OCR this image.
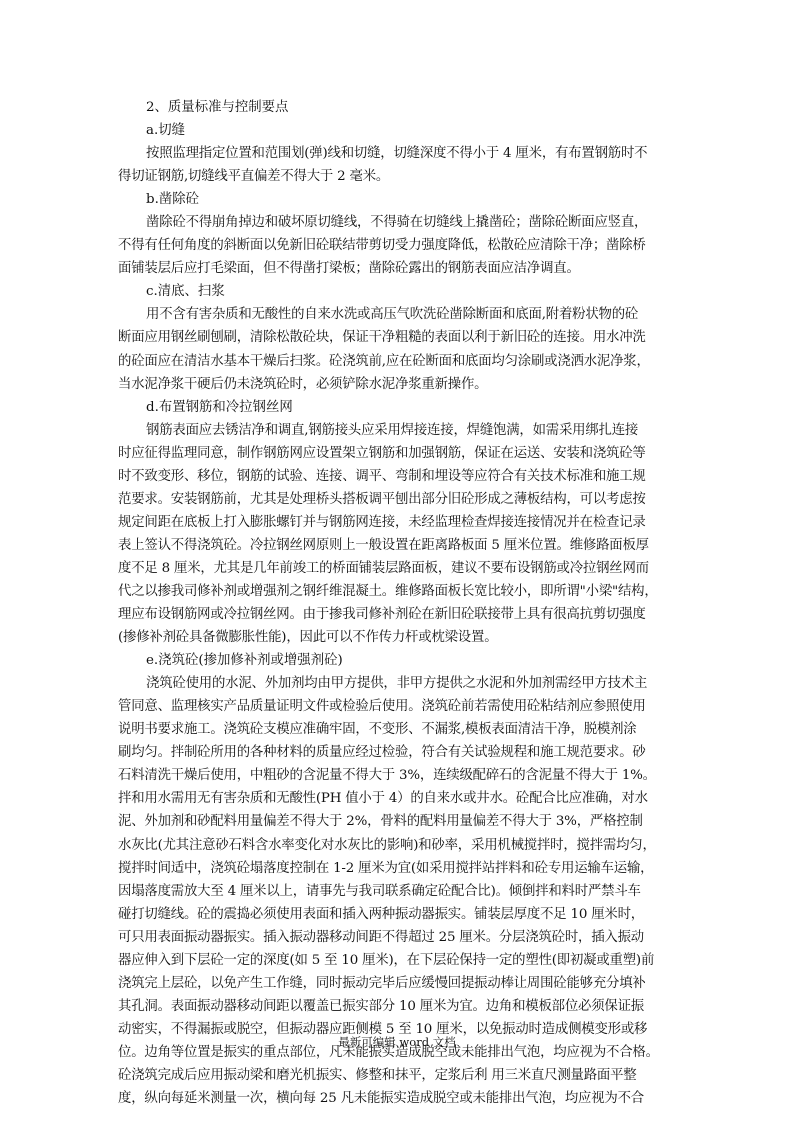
2、质量标准与控制要点
a.切缝
按照监理指定位置和范围划(弹)线和切缝，切缝深度不得小于 4 厘米，有布置钢筋时不
得切证钢筋,切缝线平直偏差不得大于 2 毫米。
b.凿除砼
凿除砼不得崩角掉边和破坏原切缝线，不得骑在切缝线上撬凿砼；凿除砼断面应竖直，
不得有任何角度的斜断面以免新旧砼联结带剪切受力强度降低，松散砼应清除干净；凿除桥
面铺装层后应打毛梁面，但不得凿打梁板；凿除砼露出的钢筋表面应洁净调直。
c.清底、扫浆
用不含有害杂质和无酸性的自来水洗或高压气吹洗砼凿除断面和底面,附着粉状物的砼
断面应用钢丝刷刨刷，清除松散砼块，保证干净粗糙的表面以利于新旧砼的连接。用水冲洗
的砼面应在清洁水基本干燥后扫浆。砼浇筑前,应在砼断面和底面均匀涂刷或浇洒水泥净浆，
当水泥净浆干硬后仍未浇筑砼时，必须铲除水泥净浆重新操作。
d.布置钢筋和冷拉钢丝网
钢筋表面应去锈洁净和调直,钢筋接头应采用焊接连接，焊缝饱满，如需采用绑扎连接
时应征得监理同意，制作钢筋网应设置架立钢筋和加强钢筋，保证在运送、安装和浇筑砼等
时不致变形、移位，钢筋的试验、连接、调平、弯制和埋设等应符合有关技术标准和施工规
范要求。安装钢筋前，尤其是处理桥头搭板调平刨出部分旧砼形成之薄板结构，可以考虑按
规定间距在底板上打入膨胀螺钉并与钢筋网连接，未经监理检查焊接连接情况并在检查记录
表上签认不得浇筑砼。冷拉钢丝网原则上一般设置在距离路板面 5 厘米位置。维修路面板厚
度不足 8 厘米，尤其是几年前竣工的桥面铺装层路面板，建议不要布设钢筋或冷拉钢丝网而
代之以掺我司修补剂或增强剂之钢纤维混凝土。维修路面板长宽比较小，即所谓"小梁"结构，
理应布设钢筋网或冷拉钢丝网。由于掺我司修补剂砼在新旧砼联接带上具有很高抗剪切强度
(掺修补剂砼具备微膨胀性能)，因此可以不作传力杆或枕梁设置。
e.浇筑砼(掺加修补剂或增强剂砼)
浇筑砼使用的水泥、外加剂均由甲方提供，非甲方提供之水泥和外加剂需经甲方技术主
管同意、监理核实产品质量证明文件或检验后使用。浇筑砼前若需使用砼粘结剂应参照使用
说明书要求施工。浇筑砼支模应准确牢固，不变形、不漏浆,模板表面清洁干净，脱模剂涂
刷均匀。拌制砼所用的各种材料的质量应经过检验，符合有关试验规程和施工规范要求。砂
石料清洗干燥后使用，中粗砂的含泥量不得大于 3%，连续级配碎石的含泥量不得大于 1%。
拌和用水需用无有害杂质和无酸性(PH 值小于 4）的自来水或井水。砼配合比应准确，对水
泥、外加剂和砂配料用量偏差不得大于 2%，骨料的配料用量偏差不得大于 3%，严格控制
水灰比(尤其注意砂石料含水率变化对水灰比的影响)和砂率，采用机械搅拌时，搅拌需均匀，
搅拌时间适中，浇筑砼塌落度控制在 1-2 厘米为宜(如采用搅拌站拌料和砼专用运输车运输，
因塌落度需放大至 4 厘米以上，请事先与我司联系确定砼配合比)。倾倒拌和料时严禁斗车
碰打切缝线。砼的震捣必须使用表面和插入两种振动器振实。铺装层厚度不足 10 厘米时，
可只用表面振动器振实。插入振动器移动间距不得超过 25 厘米。分层浇筑砼时，插入振动
器应伸入到下层砼一定的深度(如 5 至 10 厘米)，在下层砼保持一定的塑性(即初凝或重塑)前
浇筑完上层砼，以免产生工作缝，同时振动完毕后应缓慢回提振动棒让周围砼能够充分填补
其孔洞。表面振动器移动间距以覆盖已振实部分 10 厘米为宜。边角和模板部位必须保证振
动密实，不得漏振或脱空，但振动器应距侧模 5 至 10 厘米，以免振动时造成侧模变形或移
位。边角等位置是振实的重点部位，凡未能振实造成脱空或未能排出气泡，均应视为不合格。
砼浇筑完成后应用振动梁和磨光机振实、修整和抹平，定浆后利 用三米直尺测量路面平整
度，纵向每延米测量一次，横向每 25 凡未能振实造成脱空或未能排出气泡，均应视为不合
最新可编辑 word 文档
